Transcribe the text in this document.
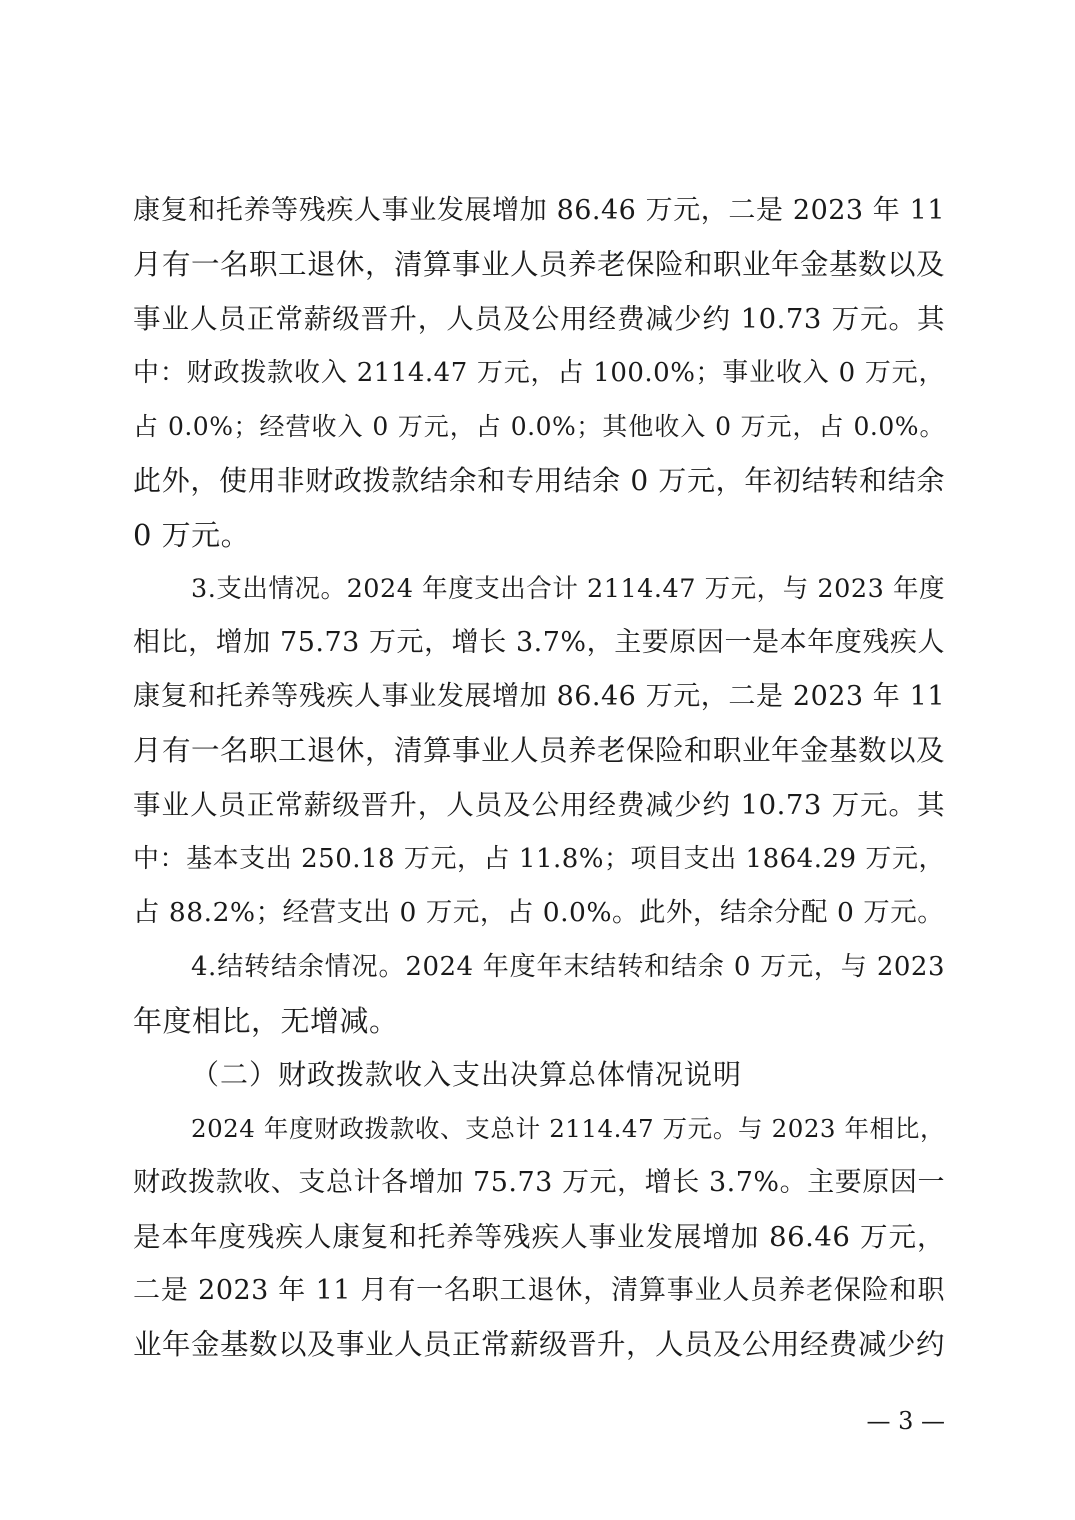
康复和托养等残疾人事业发展增加 86.46 万元，二是 2023 年 11
月有一名职工退休，清算事业人员养老保险和职业年金基数以及
事业人员正常薪级晋升，人员及公用经费减少约 10.73 万元。其
中：财政拨款收入 2114.47 万元，占 100.0%；事业收入 0 万元，
占 0.0%；经营收入 0 万元，占 0.0%；其他收入 0 万元，占 0.0%。
此外，使用非财政拨款结余和专用结余 0 万元，年初结转和结余
0 万元。
3.支出情况。2024 年度支出合计 2114.47 万元，与 2023 年度
相比，增加 75.73 万元，增长 3.7%，主要原因一是本年度残疾人
康复和托养等残疾人事业发展增加 86.46 万元，二是 2023 年 11
月有一名职工退休，清算事业人员养老保险和职业年金基数以及
事业人员正常薪级晋升，人员及公用经费减少约 10.73 万元。其
中：基本支出 250.18 万元，占 11.8%；项目支出 1864.29 万元，
占 88.2%；经营支出 0 万元，占 0.0%。此外，结余分配 0 万元。
4.结转结余情况。2024 年度年末结转和结余 0 万元，与 2023
年度相比，无增减。
（二）财政拨款收入支出决算总体情况说明
2024 年度财政拨款收、支总计 2114.47 万元。与 2023 年相比，
财政拨款收、支总计各增加 75.73 万元，增长 3.7%。主要原因一
是本年度残疾人康复和托养等残疾人事业发展增加 86.46 万元，
二是 2023 年 11 月有一名职工退休，清算事业人员养老保险和职
业年金基数以及事业人员正常薪级晋升，人员及公用经费减少约
— 3 —
